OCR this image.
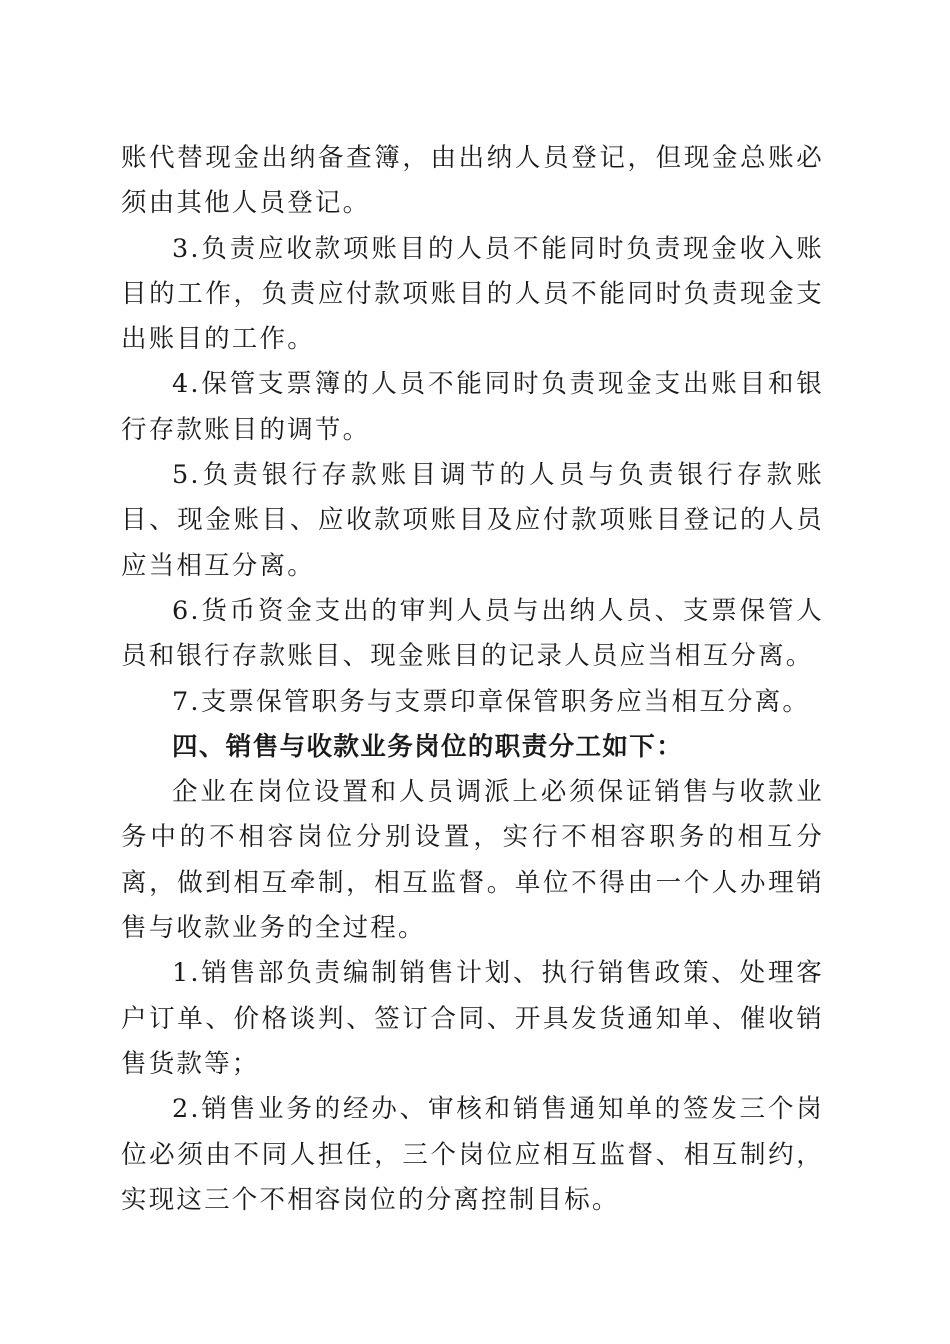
账代替现金出纳备查簿，由出纳人员登记，但现金总账必须由其他人员登记。

3.负责应收款项账目的人员不能同时负责现金收入账目的工作，负责应付款项账目的人员不能同时负责现金支出账目的工作。

4.保管支票簿的人员不能同时负责现金支出账目和银行存款账目的调节。

5.负责银行存款账目调节的人员与负责银行存款账目、现金账目、应收款项账目及应付款项账目登记的人员应当相互分离。

6.货币资金支出的审判人员与出纳人员、支票保管人员和银行存款账目、现金账目的记录人员应当相互分离。

7.支票保管职务与支票印章保管职务应当相互分离。

四、销售与收款业务岗位的职责分工如下：

企业在岗位设置和人员调派上必须保证销售与收款业务中的不相容岗位分别设置，实行不相容职务的相互分离，做到相互牵制，相互监督。单位不得由一个人办理销售与收款业务的全过程。

1.销售部负责编制销售计划、执行销售政策、处理客户订单、价格谈判、签订合同、开具发货通知单、催收销售货款等；

2.销售业务的经办、审核和销售通知单的签发三个岗位必须由不同人担任，三个岗位应相互监督、相互制约，实现这三个不相容岗位的分离控制目标。
